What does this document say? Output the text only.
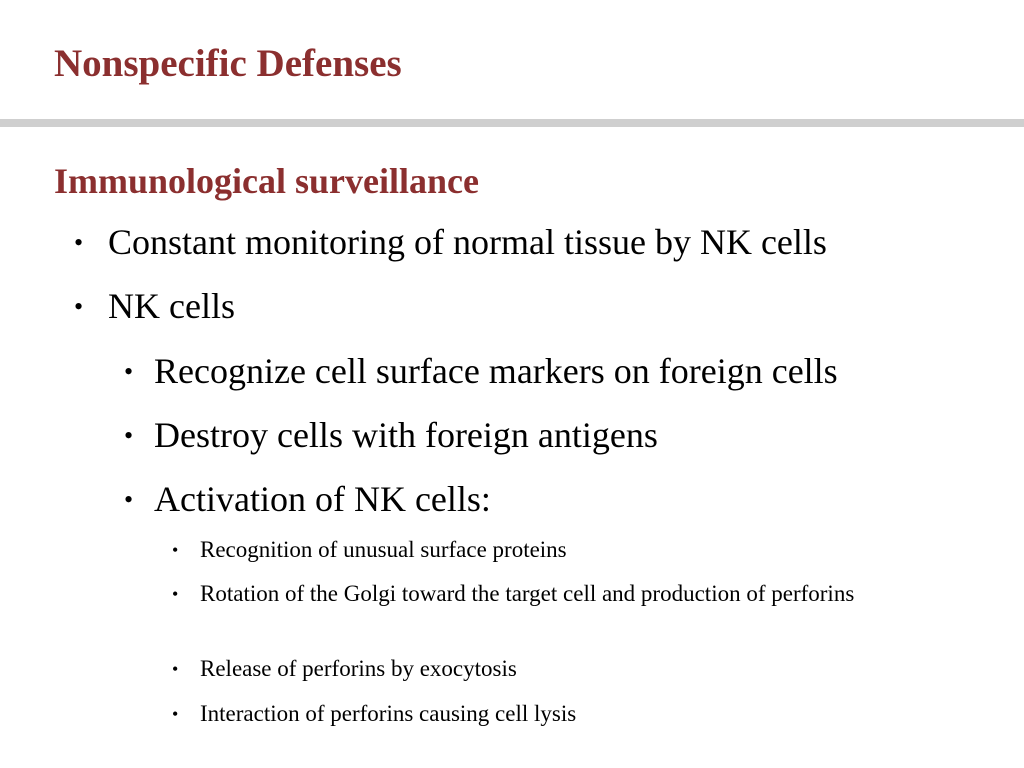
Nonspecific Defenses
Immunological surveillance
• Constant monitoring of normal tissue by NK cells
• NK cells
• Recognize cell surface markers on foreign cells
• Destroy cells with foreign antigens
• Activation of NK cells:
• Recognition of unusual surface proteins
• Rotation of the Golgi toward the target cell and production of perforins
• Release of perforins by exocytosis
• Interaction of perforins causing cell lysis
